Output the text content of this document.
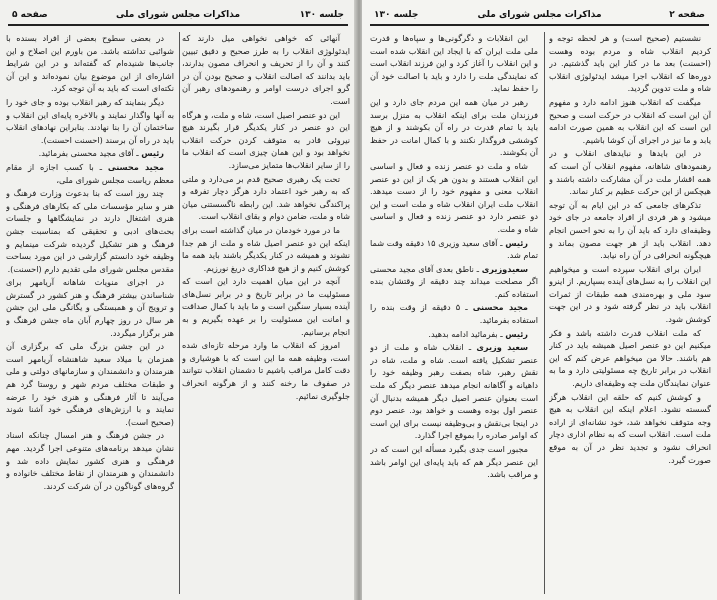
جلسه ۱۳۰
مذاکرات مجلس شورای ملی
صفحه ۵

آنهائی که خواهی نخواهی میل دارند که ایدئولوژی انقلاب را به طرز صحیح و دقیق تبیین کنند و آن را از تحریف و انحراف مصون بدارند، باید بدانند که اصالت انقلاب و صحیح بودن آن در گرو اجرای درست اوامر و رهنمودهای رهبر آن است.

این دو عنصر اصیل است، شاه و ملت، و هرگاه این دو عنصر در کنار یکدیگر قرار بگیرند هیچ نیروئی قادر به متوقف کردن حرکت انقلاب نخواهد بود و این همان چیزی است که انقلاب ما را از سایر انقلاب‌ها متمایز می‌سازد.

تحت یک رهبری صحیح قدم بر می‌دارد و ملتی که به رهبر خود اعتماد دارد هرگز دچار تفرقه و پراکندگی نخواهد شد. این رابطه ناگسستنی میان شاه و ملت، ضامن دوام و بقای انقلاب است.

ما در مورد خودمان در میان گذاشته است برای اینکه این دو عنصر اصیل شاه و ملت از هم جدا نشوند و همیشه در کنار یکدیگر باشند باید همه ما کوشش کنیم و از هیچ فداکاری دریغ نورزیم.

آنچه در این میان اهمیت دارد این است که مسئولیت ما در برابر تاریخ و در برابر نسل‌های آینده بسیار سنگین است و ما باید با کمال صداقت و امانت این مسئولیت را بر عهده بگیریم و به انجام برسانیم.

امروز که انقلاب ما وارد مرحله تازه‌ای شده است، وظیفه همه ما این است که با هوشیاری و دقت کامل مراقب باشیم تا دشمنان انقلاب نتوانند در صفوف ما رخنه کنند و از هرگونه انحراف جلوگیری نمائیم.

در بعضی سطوح بعضی از افراد بسنده با شوائبی تداشته باشد. من باورم این اصلاح و این جانب‌ها شنیده‌ام که گفته‌اند و در این شرایط اشاره‌ای از این موضوع بیان نموده‌اند و این آن نکته‌ای است که باید به آن توجه کرد.

دیگر بنمایند که رهبر انقلاب بوده و جای خود را به آنها واگذار نمایند و بالاخره پایه‌ای این انقلاب و ساختمان آن را بنا نهادند. بنابراین نهادهای انقلاب باید در راه آن برسند (احسنت احسنت).

رئیس ـ آقای مجید محسنی بفرمائید.

مجید محسنی ـ با کسب اجازه از مقام معظم ریاست مجلس شورای ملی،

چند روز است که بنا بدعوت وزارت فرهنگ و هنر و سایر مؤسسات ملی که بکارهای فرهنگی و هنری اشتغال دارند در نمایشگاهها و جلسات بحث‌های ادبی و تحقیقی که بمناسبت جشن فرهنگ و هنر تشکیل گردیده شرکت مینمایم و وظیفه خود دانستم گزارشی در این مورد بساحت مقدس مجلس شورای ملی تقدیم دارم (احسنت).

در اجرای منویات شاهانه آریامهر برای شناساندن بیشتر فرهنگ و هنر کشور در گسترش و ترویج آن و همبستگی و یگانگی ملی این جشن هر سال در روز چهارم آبان ماه جشن فرهنگ و هنر برگزار میگردد.

در این جشن بزرگ ملی که برگزاری آن همزمان با میلاد سعید شاهنشاه آریامهر است هنرمندان و دانشمندان و سازمانهای دولتی و ملی و طبقات مختلف مردم شهر و روستا گرد هم می‌آیند تا آثار فرهنگی و هنری خود را عرضه نمایند و با ارزش‌های فرهنگی خود آشنا شوند (صحیح است).

در جشن فرهنگ و هنر امسال چنانکه اسناد نشان میدهد برنامه‌های متنوعی اجرا گردید. مهم فرهنگی و هنری کشور نمایش داده شد و دانشمندان و هنرمندان از نقاط مختلف خانواده و گروه‌های گوناگون در آن شرکت کردند.

جلسه ۱۳۰	مذاکرات مجلس شورای ملی	صفحه ۲

نشستیم (صحیح است) و هر لحظه توجه و کردیم انقلاب شاه و مردم بوده وهست (احسنت) بعد ما در کنار این باید گذشتیم. در دوره‌ها که انقلاب اجرا میشد ایدئولوژی انقلاب شاه و ملت تدوین گردید.

میگفت که انقلاب هنوز ادامه دارد و مفهوم آن این است که انقلاب در حرکت است و صحیح این است که این انقلاب به همین صورت ادامه یابد و ما نیز در اجرای آن کوشا باشیم.

در این بایدها و نبایدهای انقلاب و در رهنمودهای شاهانه، مفهوم انقلاب آن است که همه اقشار ملت در آن مشارکت داشته باشند و هیچکس از این حرکت عظیم بر کنار نماند.

تذکرهای جامعی که در این ایام به آن توجه میشود و هر فردی از افراد جامعه در جای خود وظیفه‌ای دارد که باید آن را به نحو احسن انجام دهد. انقلاب باید از هر جهت مصون بماند و هیچگونه انحرافی در آن راه نیابد.

ایران برای انقلاب سپرده است و میخواهیم این انقلاب را به نسل‌های آینده بسپاریم. از اینرو سود ملی و بهره‌مندی همه طبقات از ثمرات انقلاب باید در نظر گرفته شود و در این جهت کوشش شود.

که ملت انقلاب قدرت داشته باشد و فکر میکنیم این دو عنصر اصیل همیشه باید در کنار هم باشند. حالا من میخواهم عرض کنم که این انقلاب در برابر تاریخ چه مسئولیتی دارد و ما به عنوان نمایندگان ملت چه وظیفه‌ای داریم.

و کوشش کنیم که حلقه این انقلاب هرگز گسسته نشود. اعلام اینکه این انقلاب به هیچ وجه متوقف نخواهد شد، خود نشانه‌ای از اراده ملت است. انقلاب است که به نظام اداری دچار انحراف نشود و تجدید نظر در آن به موقع صورت گیرد.

این انقلابات و دگرگونی‌ها و سپاه‌ها و قدرت ملی ملت ایران که با ایجاد این انقلاب شده است و این انقلاب را آغاز کرد و این فرزند انقلاب است که نمایندگی ملت را دارد و باید با اصالت خود آن را حفظ نماید.

رهبر در میان همه این مردم جای دارد و این فرزندان ملت برای اینکه انقلاب به منزل برسد باید با تمام قدرت در راه آن بکوشند و از هیچ کوششی فروگذار نکنند و با کمال امانت در حفظ آن بکوشند.

شاه و ملت دو عنصر زنده و فعال و اساسی این انقلاب هستند و بدون هر یک از این دو عنصر انقلاب معنی و مفهوم خود را از دست میدهد. انقلاب ملت ایران انقلاب شاه و ملت است و این دو عنصر دارد دو عنصر زنده و فعال و اساسی شاه و ملت.

رئیس ـ آقای سعید وزیری ۱۵ دقیقه وقت شما تمام شد.

سعیدوزیری ـ ناطق بعدی آقای مجید محسنی اگر مصلحت میداند چند دقیقه از وقتشان بنده استفاده کنم.

مجید محسنی ـ ۵ دقیقه از وقت بنده را استفاده بفرمائید.

رئیس ـ بفرمائید ادامه بدهید.

سعید وزیری ـ انقلاب شاه و ملت از دو عنصر تشکیل یافته است. شاه و ملت، شاه در نقش رهبر، شاه بصفت رهبر وظیفه خود را داهیانه و آگاهانه انجام میدهد عنصر دیگر که ملت است بعنوان عنصر اصیل دیگر همیشه بدنبال آن عنصر اول بوده وهست و خواهد بود. عنصر دوم در اینجا بی‌نقش و بی‌وظیفه نیست برای این است که اوامر صادره را بموقع اجرا گذارد.

مجبور است جدی بگیرد مسأله این است که در این عنصر دیگر هم که باید پایه‌ای این اوامر باشد و مراقب باشد.
